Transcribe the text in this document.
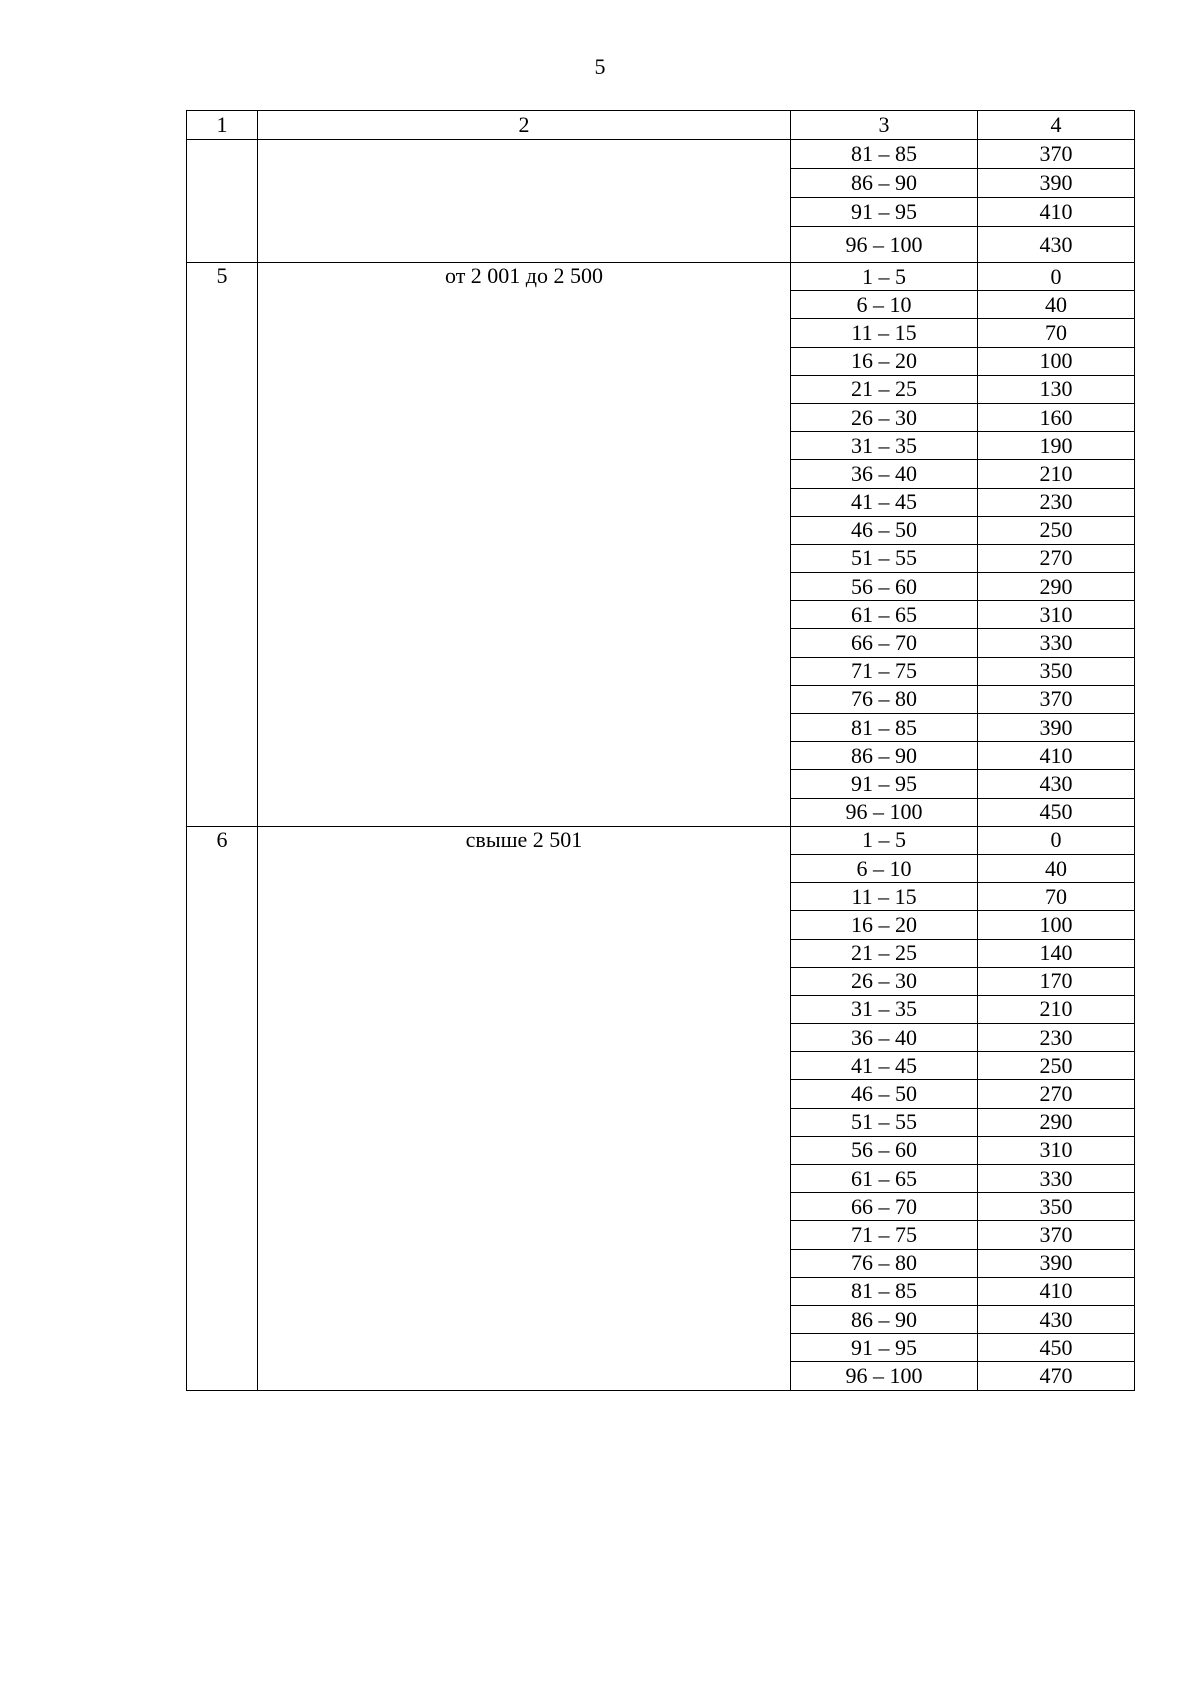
5
1	2	3	4
		81 – 85	370
		86 – 90	390
		91 – 95	410
		96 – 100	430
5	от 2 001 до 2 500	1 – 5	0
		6 – 10	40
		11 – 15	70
		16 – 20	100
		21 – 25	130
		26 – 30	160
		31 – 35	190
		36 – 40	210
		41 – 45	230
		46 – 50	250
		51 – 55	270
		56 – 60	290
		61 – 65	310
		66 – 70	330
		71 – 75	350
		76 – 80	370
		81 – 85	390
		86 – 90	410
		91 – 95	430
		96 – 100	450
6	свыше 2 501	1 – 5	0
		6 – 10	40
		11 – 15	70
		16 – 20	100
		21 – 25	140
		26 – 30	170
		31 – 35	210
		36 – 40	230
		41 – 45	250
		46 – 50	270
		51 – 55	290
		56 – 60	310
		61 – 65	330
		66 – 70	350
		71 – 75	370
		76 – 80	390
		81 – 85	410
		86 – 90	430
		91 – 95	450
		96 – 100	470
